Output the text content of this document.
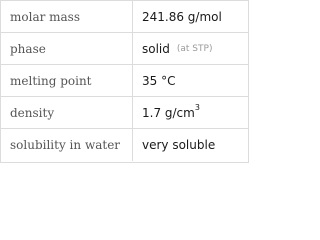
molar mass	241.86 g/mol
phase	solid (at STP)
melting point	35 °C
density	1.7 g/cm 3
solubility in water	very soluble
